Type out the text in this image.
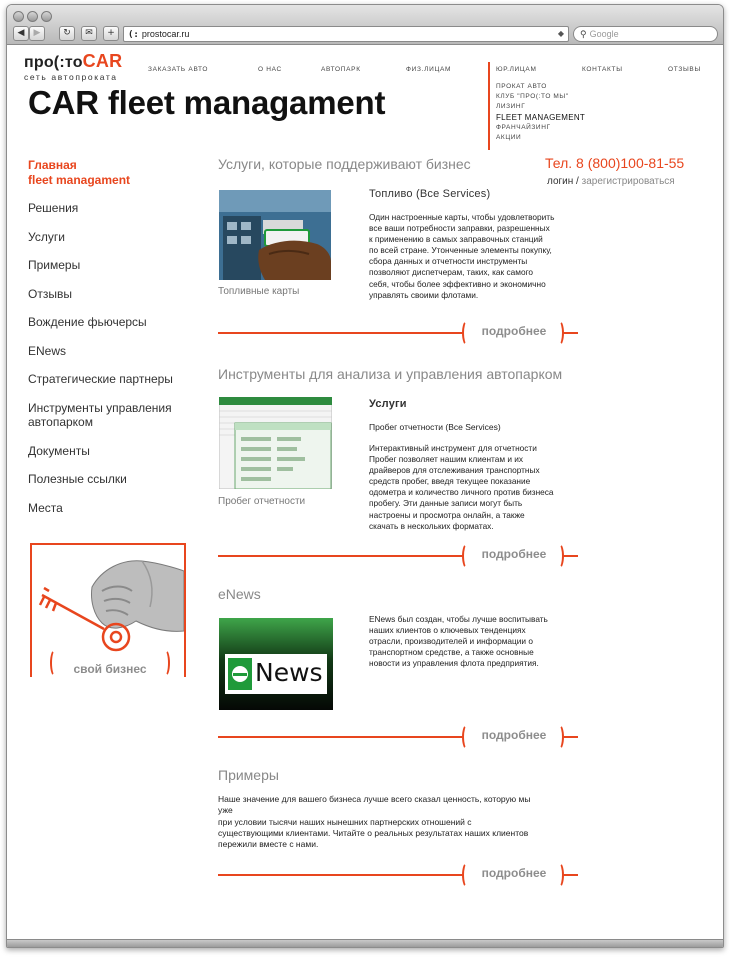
◀	▶	↻	✉	+	(: prostocar.ru	◆	⚲ Google
про(:тоCAR
сеть автопроката
ЗАКАЗАТЬ АВТО	О НАС	АВТОПАРК	ФИЗ.ЛИЦАМ	ЮР.ЛИЦАМ	КОНТАКТЫ	ОТЗЫВЫ
ПРОКАТ АВТО
КЛУБ "ПРО(:ТО МЫ"
ЛИЗИНГ
FLEET MANAGEMENT
ФРАНЧАЙЗИНГ
АКЦИИ
CAR fleet managament
Тел. 8 (800)100-81-55
логин / зарегистрироваться
Главная
fleet managament
Решения
Услуги
Примеры
Отзывы
Вождение фьючерсы
ENews
Стратегические партнеры
Инструменты управления автопарком
Документы
Полезные ссылки
Места
свой бизнес
Услуги, которые поддерживают бизнес
Топливные карты
Топливо (Все Services)
Один настроенные карты, чтобы удовлетворить
все ваши потребности заправки, разрешенных
к применению в самых заправочных станций
по всей стране. Утонченные элементы покупку,
сбора данных и отчетности инструменты
позволяют диспетчерам, таких, как самого
себя, чтобы более эффективно и экономично
управлять своими флотами.
подробнее
Инструменты для анализа и управления автопарком
Пробег отчетности
Услуги
Пробег отчетности (Все Services)
Интерактивный инструмент для отчетности
Пробег позволяет нашим клиентам и их
драйверов для отслеживания транспортных
средств пробег, введя текущее показание
одометра и количество личного против бизнеса
пробегу. Эти данные записи могут быть
настроены и просмотра онлайн, а также
скачать в нескольких форматах.
подробнее
eNews
News
ENews был создан, чтобы лучше воспитывать
наших клиентов о ключевых тенденциях
отрасли, производителей и информации о
транспортном средстве, а также основные
новости из управления флота предприятия.
подробнее
Примеры
Наше значение для вашего бизнеса лучше всего сказал ценность, которую мы
уже
при условии тысячи наших нынешних партнерских отношений с
существующими клиентами. Читайте о реальных результатах наших клиентов
пережили вместе с нами.
подробнее
